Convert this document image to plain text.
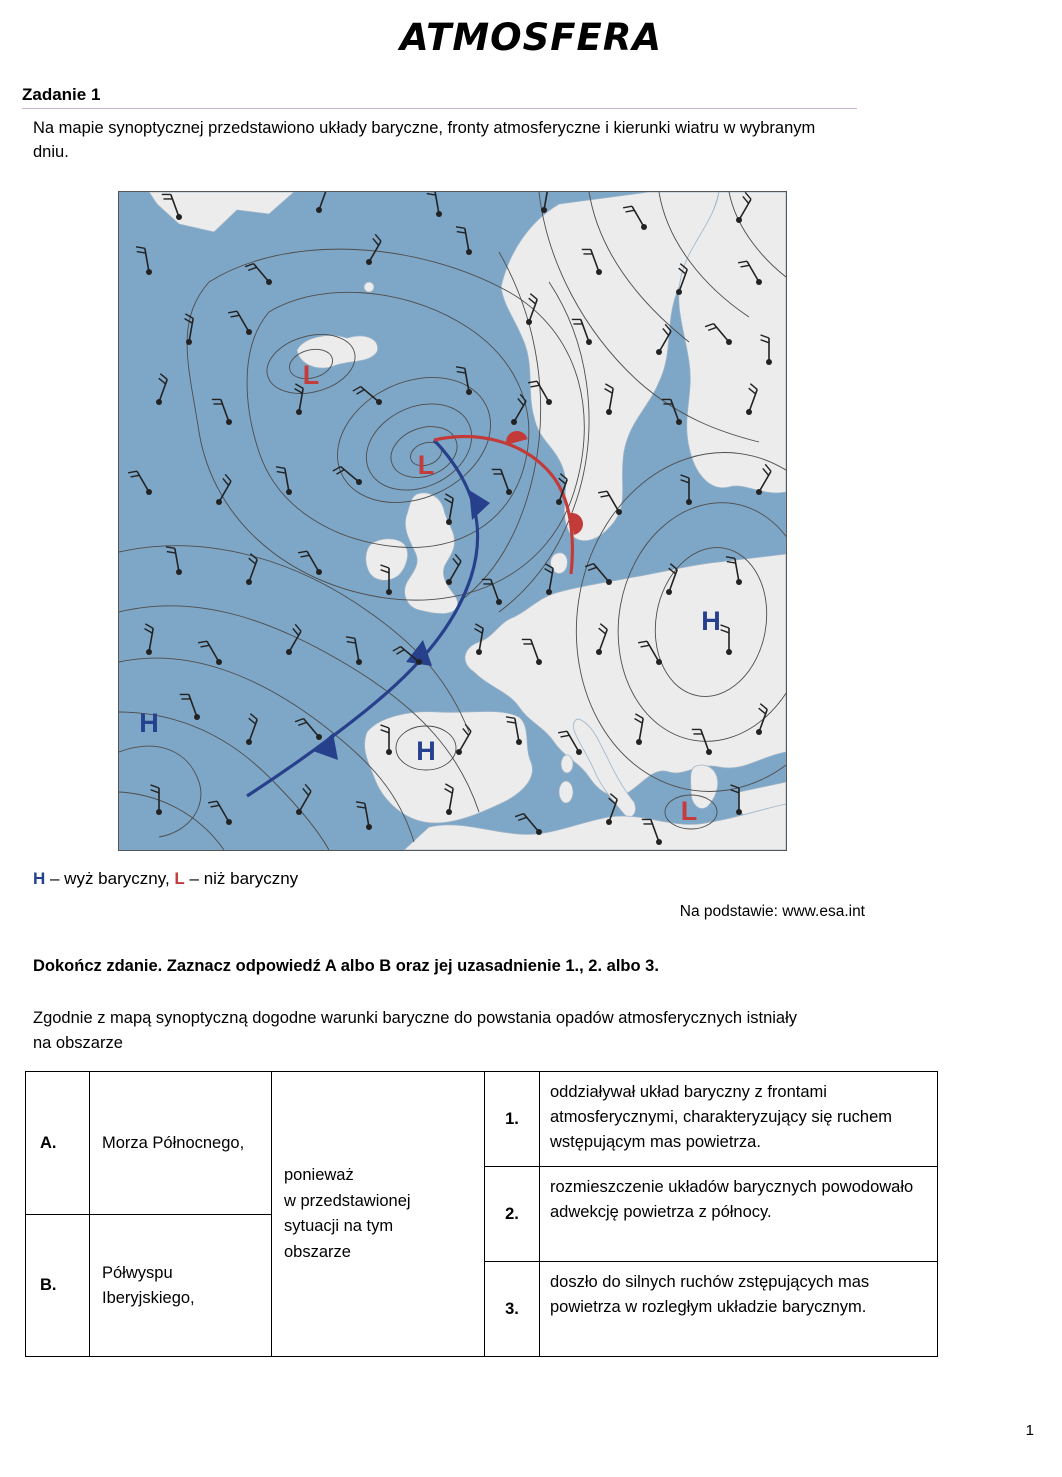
ATMOSFERA
Zadanie 1
Na mapie synoptycznej przedstawiono układy baryczne, fronty atmosferyczne i kierunki wiatru w wybranym dniu.
L
L
H
H
H
L
H – wyż baryczny, L – niż baryczny
Na podstawie: www.esa.int
Dokończ zdanie. Zaznacz odpowiedź A albo B oraz jej uzasadnienie 1., 2. albo 3.
Zgodnie z mapą synoptyczną dogodne warunki baryczne do powstania opadów atmosferycznych istniały na obszarze
A.	Morza Północnego,
B.
Półwyspu Iberyjskiego,
ponieważ
w przedstawionej
sytuacji na tym
obszarze
1.
oddziaływał układ baryczny z frontami atmosferycznymi, charakteryzujący się ruchem wstępującym mas powietrza.
2.
rozmieszczenie układów barycznych powodowało adwekcję powietrza z północy.
3.
doszło do silnych ruchów zstępujących mas powietrza w rozległym układzie barycznym.
1
